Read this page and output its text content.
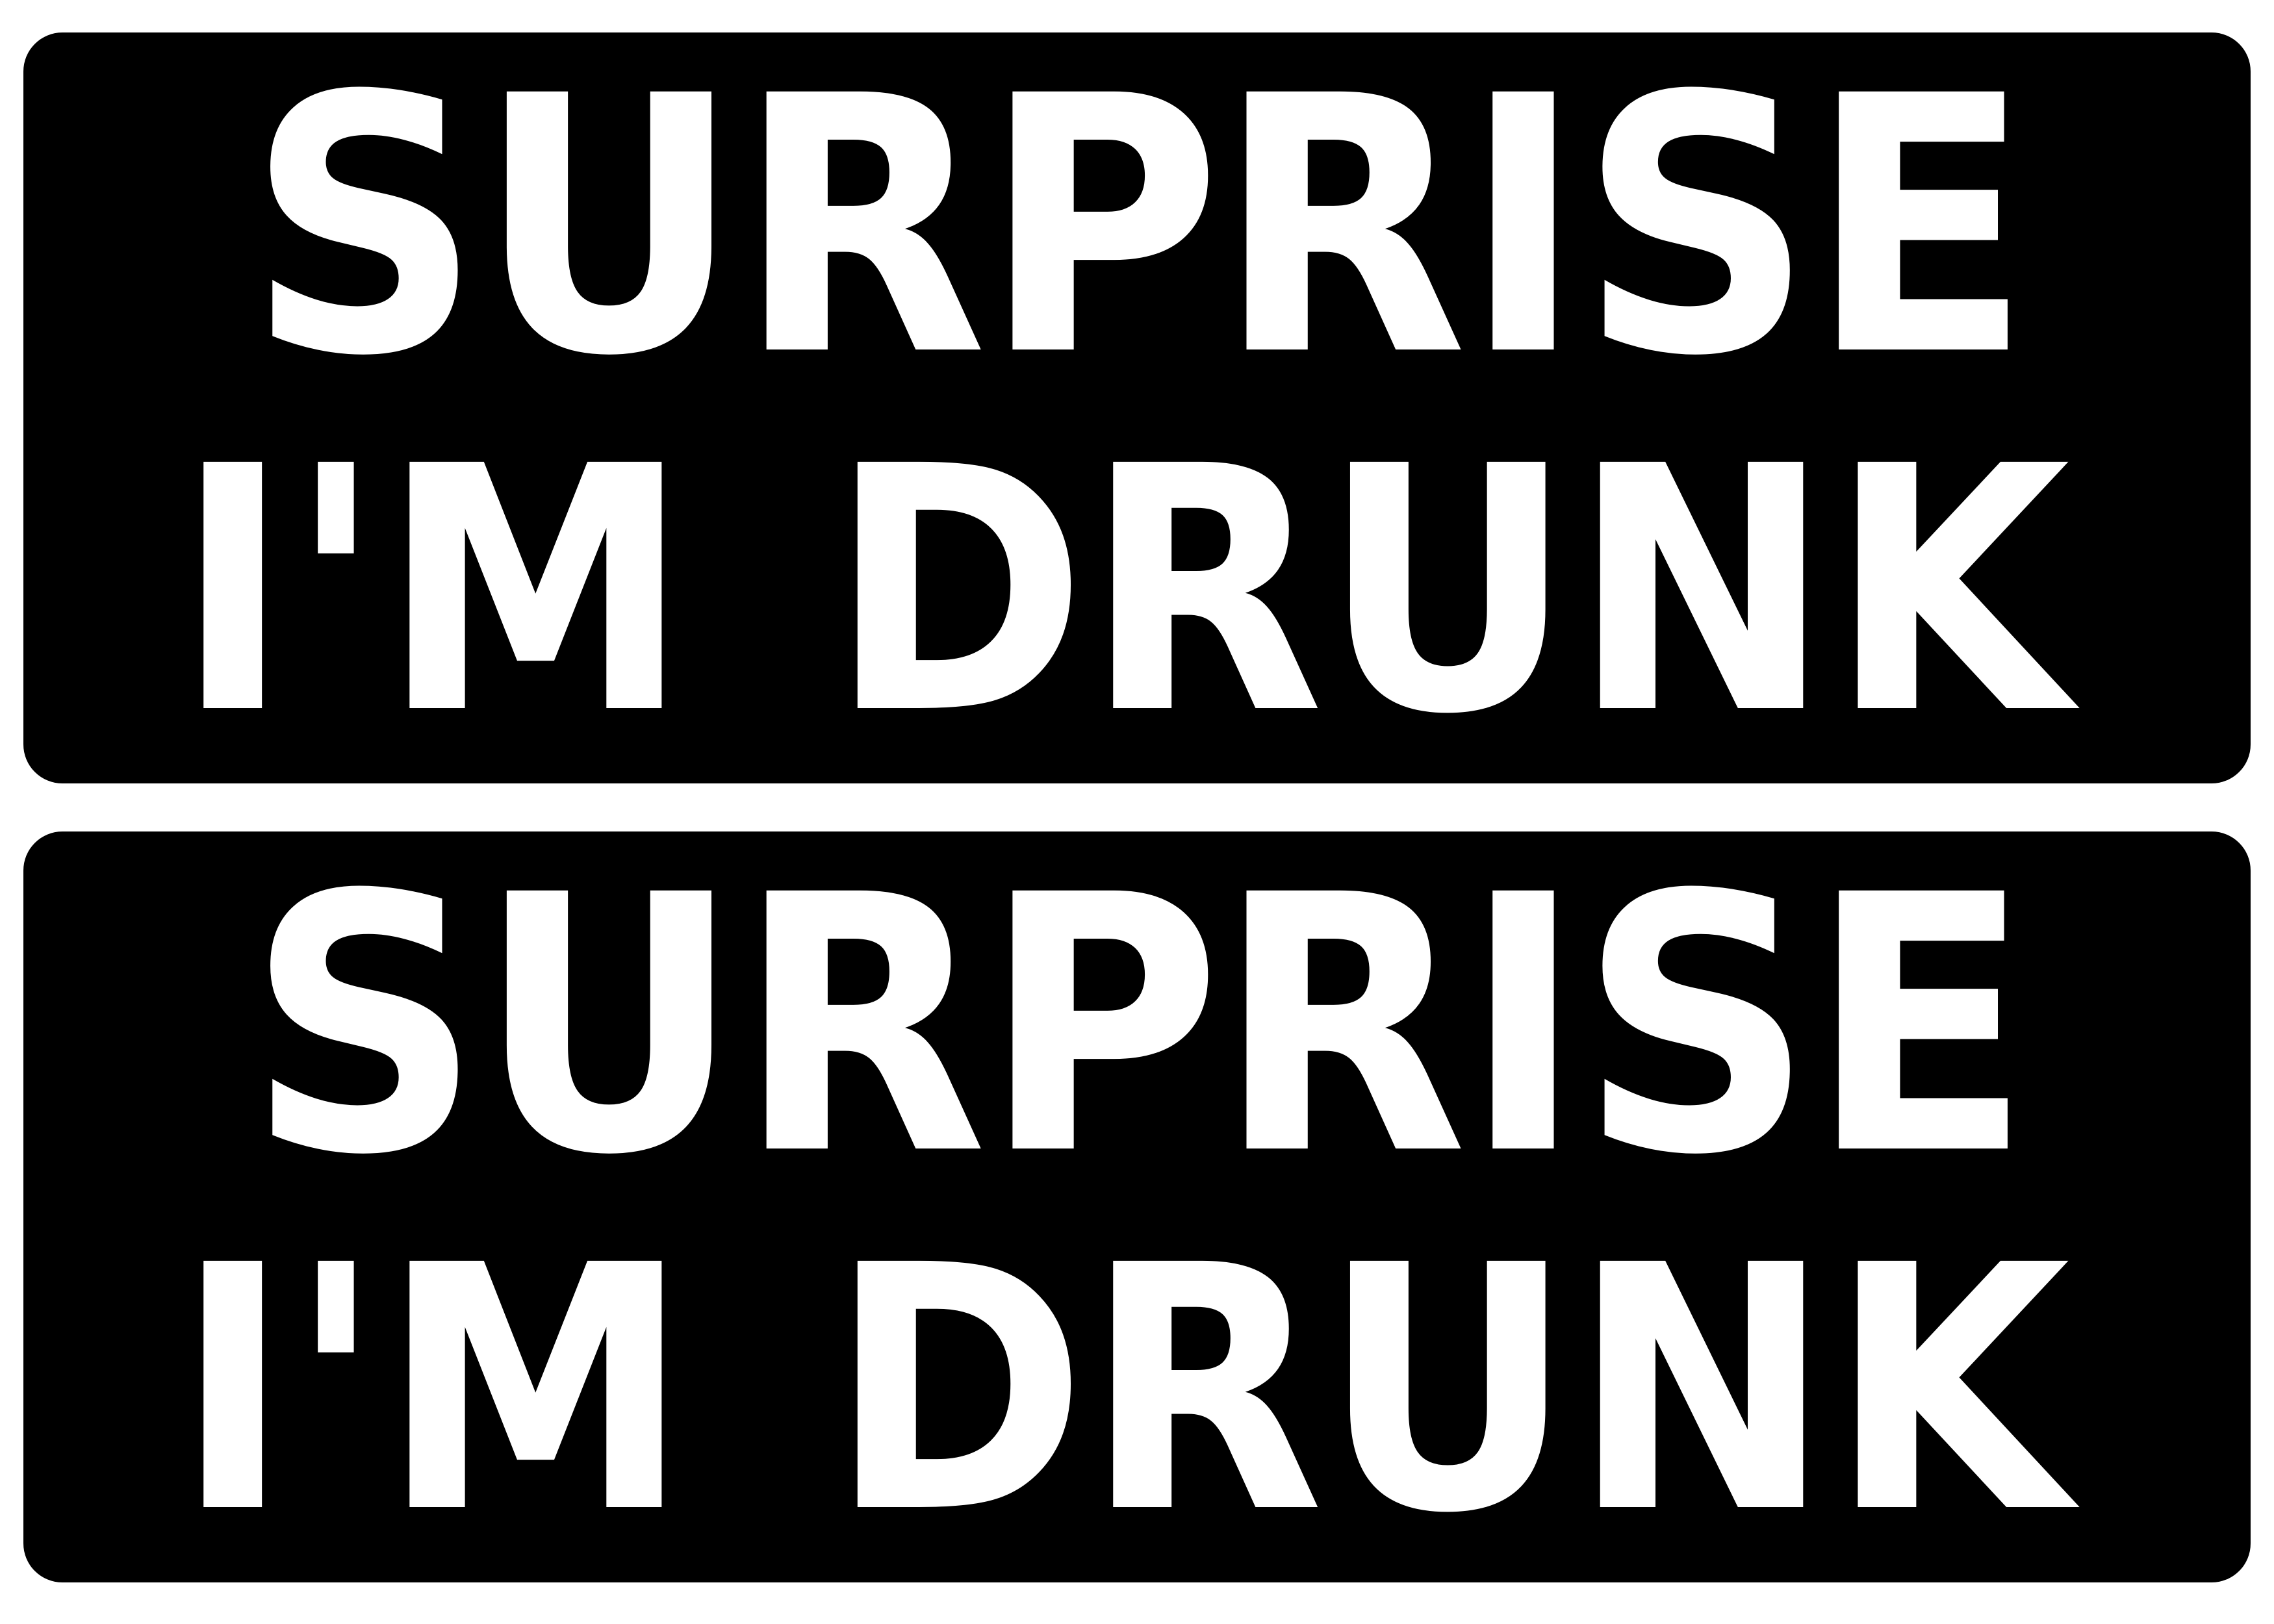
SURPRISE
I'M DRUNK
SURPRISE
I'M DRUNK
